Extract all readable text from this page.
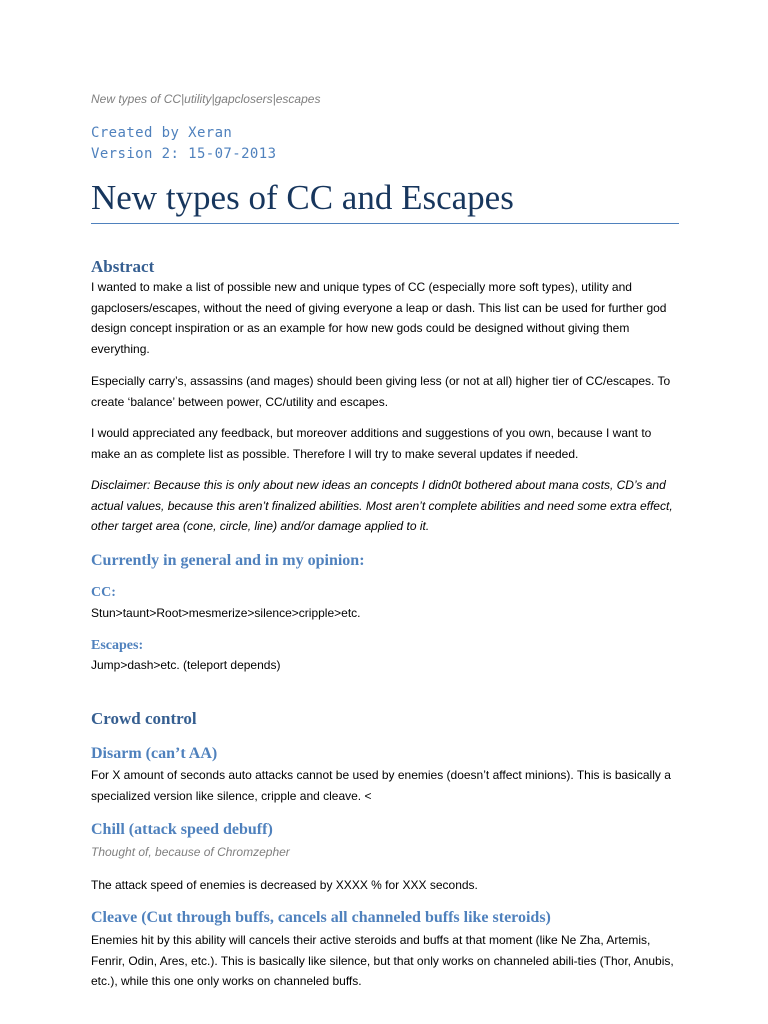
New types of CC|utility|gapclosers|escapes
Created by Xeran
Version 2: 15-07-2013
New types of CC and Escapes
Abstract
I wanted to make a list of possible new and unique types of CC (especially more soft types), utility and gapclosers/escapes, without the need of giving everyone a leap or dash. This list can be used for further god design concept inspiration or as an example for how new gods could be designed without giving them everything.
Especially carry’s, assassins (and mages) should been giving less (or not at all) higher tier of CC/escapes. To create ‘balance’ between power, CC/utility and escapes.
I would appreciated any feedback, but moreover additions and suggestions of you own, because I want to make an as complete list as possible. Therefore I will try to make several updates if needed.
Disclaimer: Because this is only about new ideas an concepts I didn0t bothered about mana costs, CD’s and actual values, because this aren’t finalized abilities. Most aren’t complete abilities and need some extra effect, other target area (cone, circle, line) and/or damage applied to it.
Currently in general and in my opinion:
CC:
Stun>taunt>Root>mesmerize>silence>cripple>etc.
Escapes:
Jump>dash>etc. (teleport depends)
Crowd control
Disarm (can’t AA)
For X amount of seconds auto attacks cannot be used by enemies (doesn’t affect minions). This is basically a specialized version like silence, cripple and cleave. <
Chill (attack speed debuff)
Thought of, because of Chromzepher
The attack speed of enemies is decreased by XXXX % for XXX seconds.
Cleave (Cut through buffs, cancels all channeled buffs like steroids)
Enemies hit by this ability will cancels their active steroids and buffs at that moment (like Ne Zha, Artemis, Fenrir, Odin, Ares, etc.). This is basically like silence, but that only works on channeled abili-ties (Thor, Anubis, etc.), while this one only works on channeled buffs.
